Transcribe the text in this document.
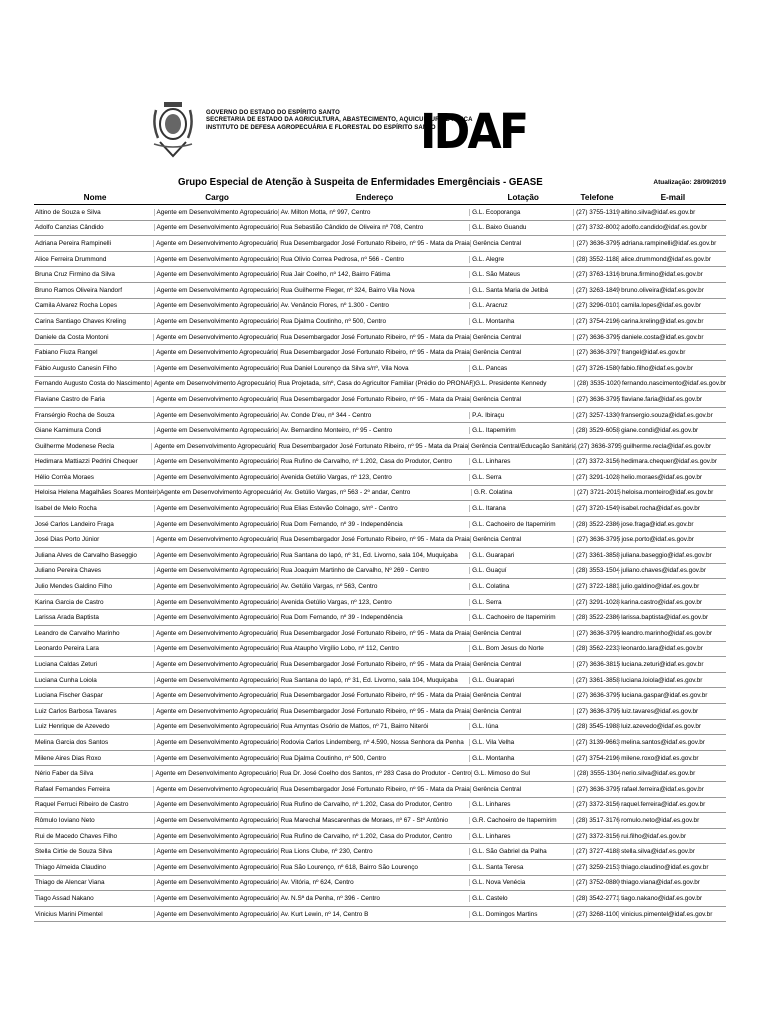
GOVERNO DO ESTADO DO ESPÍRITO SANTO
SECRETARIA DE ESTADO DA AGRICULTURA, ABASTECIMENTO, AQUICULTURA E PESCA
INSTITUTO DE DEFESA AGROPECUÁRIA E FLORESTAL DO ESPÍRITO SANTO
IDAF
Grupo Especial de Atenção à Suspeita de Enfermidades Emergênciais - GEASE	Atualização: 28/09/2019
Nome	Cargo	Endereço	Lotação	Telefone	E-mail
Altino de Souza e Silva	Agente em Desenvolvimento Agropecuário Av. Milton Motta, nº 997, Centro	G.L. Ecoporanga	(27) 3755-1319 altino.silva@idaf.es.gov.br
Adolfo Canzias Cândido	Agente em Desenvolvimento Agropecuário Rua Sebastião Cândido de Oliveira nº 708, Centro	G.L. Baixo Guandu	(27) 3732-8002 adolfo.candido@idaf.es.gov.br
Adriana Pereira Rampinelli	Agente em Desenvolvimento Agropecuário Rua Desembargador José Fortunato Ribeiro, nº 95 - Mata da Praia Gerência Central	(27) 3636-3795 adriana.rampinelli@idaf.es.gov.br
Alice Ferreira Drummond	Agente em Desenvolvimento Agropecuário Rua Olívio Correa Pedrosa, nº 566 - Centro	G.L. Alegre	(28) 3552-1188 alice.drummond@idaf.es.gov.br
Bruna Cruz Firmino da Silva	Agente em Desenvolvimento Agropecuário Rua Jair Coelho, nº 142, Bairro Fátima	G.L. São Mateus	(27) 3763-1316 bruna.firmino@idaf.es.gov.br
Bruno Ramos Oliveira Nandorf	Agente em Desenvolvimento Agropecuário Rua Guilherme Fleger, nº 324, Bairro Vila Nova	G.L. Santa Maria de Jetibá	(27) 3263-1849 bruno.oliveira@idaf.es.gov.br
Camila Alvarez Rocha Lopes	Agente em Desenvolvimento Agropecuário Av. Venâncio Flores, nº 1.300 - Centro	G.L. Aracruz	(27) 3296-0101 camila.lopes@idaf.es.gov.br
Carina Santiago Chaves Kreling	Agente em Desenvolvimento Agropecuário Rua Djalma Coutinho, nº 500, Centro	G.L. Montanha	(27) 3754-2196 carina.kreling@idaf.es.gov.br
Daniele da Costa Montoni	Agente em Desenvolvimento Agropecuário Rua Desembargador José Fortunato Ribeiro, nº 95 - Mata da Praia Gerência Central	(27) 3636-3795 daniele.costa@idaf.es.gov.br
Fabiano Fiuza Rangel	Agente em Desenvolvimento Agropecuário Rua Desembargador José Fortunato Ribeiro, nº 95 - Mata da Praia Gerência Central	(27) 3636-3797 frangel@idaf.es.gov.br
Fábio Augusto Canesin Filho	Agente em Desenvolvimento Agropecuário Rua Daniel Lourenço da Silva s/nº, Vila Nova	G.L. Pancas	(27) 3726-1580 fabio.filho@idaf.es.gov.br
Fernando Augusto Costa do Nascimento Agente em Desenvolvimento Agropecuário Rua Projetada, s/nº, Casa do Agricultor Familiar (Prédio do PRONAF) G.L. Presidente Kennedy	(28) 3535-1020 fernando.nascimento@idaf.es.gov.br
Flaviane Castro de Faria	Agente em Desenvolvimento Agropecuário Rua Desembargador José Fortunato Ribeiro, nº 95 - Mata da Praia Gerência Central	(27) 3636-3795 flaviane.faria@idaf.es.gov.br
Fransérgio Rocha de Souza	Agente em Desenvolvimento Agropecuário Av. Conde D'eu, nº 344 - Centro	P.A. Ibiraçu	(27) 3257-1330 fransergio.souza@idaf.es.gov.br
Giane Kamimura Condi	Agente em Desenvolvimento Agropecuário Av. Bernardino Monteiro, nº 95 - Centro	G.L. Itapemirim	(28) 3529-6058 giane.condi@idaf.es.gov.br
Guilherme Modenese Recla	Agente em Desenvolvimento Agropecuário Rua Desembargador José Fortunato Ribeiro, nº 95 - Mata da Praia Gerência Central/Educação Sanitária (27) 3636-3795 guilherme.recla@idaf.es.gov.br
Hedimara Mattiazzi Pedrini Chequer	Agente em Desenvolvimento Agropecuário Rua Rufino de Carvalho, nº 1.202, Casa do Produtor, Centro	G.L. Linhares	(27) 3372-3156 hedimara.chequer@idaf.es.gov.br
Hélio Corrêa Moraes	Agente em Desenvolvimento Agropecuário Avenida Getúlio Vargas, nº 123, Centro	G.L. Serra	(27) 3291-1028 helio.moraes@idaf.es.gov.br
Heloisa Helena Magalhães Soares Monteiro Agente em Desenvolvimento Agropecuário Av. Getúlio Vargas, nº 563 - 2º andar, Centro	G.R. Colatina	(27) 3721-2015 heloisa.monteiro@idaf.es.gov.br
Isabel de Melo Rocha	Agente em Desenvolvimento Agropecuário Rua Elias Estevão Colnago, s/nº - Centro	G.L. Itarana	(27) 3720-1549 isabel.rocha@idaf.es.gov.br
José Carlos Landeiro Fraga	Agente em Desenvolvimento Agropecuário Rua Dom Fernando, nº 39 - Independência	G.L. Cachoeiro de Itapemirim	(28) 3522-2386 jose.fraga@idaf.es.gov.br
José Dias Porto Júnior	Agente em Desenvolvimento Agropecuário Rua Desembargador José Fortunato Ribeiro, nº 95 - Mata da Praia Gerência Central	(27) 3636-3795 jose.porto@idaf.es.gov.br
Juliana Alves de Carvalho Baseggio	Agente em Desenvolvimento Agropecuário Rua Santana do Iapó, nº 31, Ed. Livorno, sala 104, Muquiçaba	G.L. Guarapari	(27) 3361-3858 juliana.baseggio@idaf.es.gov.br
Juliano Pereira Chaves	Agente em Desenvolvimento Agropecuário Rua Joaquim Martinho de Carvalho, Nº 269 - Centro	G.L. Guaçuí	(28) 3553-1504 juliano.chaves@idaf.es.gov.br
Julio Mendes Galdino Filho	Agente em Desenvolvimento Agropecuário Av. Getúlio Vargas, nº 563, Centro	G.L. Colatina	(27) 3722-1881 julio.galdino@idaf.es.gov.br
Karina Garcia de Castro	Agente em Desenvolvimento Agropecuário Avenida Getúlio Vargas, nº 123, Centro	G.L. Serra	(27) 3291-1028 karina.castro@idaf.es.gov.br
Larissa Arada Baptista	Agente em Desenvolvimento Agropecuário Rua Dom Fernando, nº 39 - Independência	G.L. Cachoeiro de Itapemirim	(28) 3522-2386 larissa.baptista@idaf.es.gov.br
Leandro de Carvalho Marinho	Agente em Desenvolvimento Agropecuário Rua Desembargador José Fortunato Ribeiro, nº 95 - Mata da Praia Gerência Central	(27) 3636-3795 leandro.marinho@idaf.es.gov.br
Leonardo Pereira Lara	Agente em Desenvolvimento Agropecuário Rua Ataupho Virgílio Lobo, nº 112, Centro	G.L. Bom Jesus do Norte	(28) 3562-2233 leonardo.lara@idaf.es.gov.br
Luciana Caldas Zeturi	Agente em Desenvolvimento Agropecuário Rua Desembargador José Fortunato Ribeiro, nº 95 - Mata da Praia Gerência Central	(27) 3636-3815 luciana.zeturi@idaf.es.gov.br
Luciana Cunha Loiola	Agente em Desenvolvimento Agropecuário Rua Santana do Iapó, nº 31, Ed. Livorno, sala 104, Muquiçaba	G.L. Guarapari	(27) 3361-3858 luciana.loiola@idaf.es.gov.br
Luciana Fischer Gaspar	Agente em Desenvolvimento Agropecuário Rua Desembargador José Fortunato Ribeiro, nº 95 - Mata da Praia Gerência Central	(27) 3636-3795 luciana.gaspar@idaf.es.gov.br
Luiz Carlos Barbosa Tavares	Agente em Desenvolvimento Agropecuário Rua Desembargador José Fortunato Ribeiro, nº 95 - Mata da Praia Gerência Central	(27) 3636-3795 luiz.tavares@idaf.es.gov.br
Luiz Henrique de Azevedo	Agente em Desenvolvimento Agropecuário Rua Amyntas Osório de Mattos, nº 71, Bairro Niterói	G.L. Iúna	(28) 3545-1988 luiz.azevedo@idaf.es.gov.br
Melina Garcia dos Santos	Agente em Desenvolvimento Agropecuário Rodovia Carlos Lindemberg, nº 4.590, Nossa Senhora da Penha	G.L. Vila Velha	(27) 3139-9663 melina.santos@idaf.es.gov.br
Milene Aires Dias Roxo	Agente em Desenvolvimento Agropecuário Rua Djalma Coutinho, nº 500, Centro	G.L. Montanha	(27) 3754-2196 milene.roxo@idaf.es.gov.br
Nério Faber da Silva	Agente em Desenvolvimento Agropecuário Rua Dr. José Coelho dos Santos, nº 283 Casa do Produtor - Centro G.L. Mimoso do Sul	(28) 3555-1304 nerio.silva@idaf.es.gov.br
Rafael Fernandes Ferreira	Agente em Desenvolvimento Agropecuário Rua Desembargador José Fortunato Ribeiro, nº 95 - Mata da Praia Gerência Central	(27) 3636-3795 rafael.ferreira@idaf.es.gov.br
Raquel Ferruci Ribeiro de Castro	Agente em Desenvolvimento Agropecuário Rua Rufino de Carvalho, nº 1.202, Casa do Produtor, Centro	G.L. Linhares	(27) 3372-3156 raquel.ferreira@idaf.es.gov.br
Rômulo Ioviano Neto	Agente em Desenvolvimento Agropecuário Rua Marechal Mascarenhas de Moraes, nº 67 - Stº Antônio	G.R. Cachoeiro de Itapemirim	(28) 3517-3176 romulo.neto@idaf.es.gov.br
Rui de Macedo Chaves Filho	Agente em Desenvolvimento Agropecuário Rua Rufino de Carvalho, nº 1.202, Casa do Produtor, Centro	G.L. Linhares	(27) 3372-3156 rui.filho@idaf.es.gov.br
Stella Cirtie de Souza Silva	Agente em Desenvolvimento Agropecuário Rua Lions Clube, nº 230, Centro	G.L. São Gabriel da Palha	(27) 3727-4188 stella.silva@idaf.es.gov.br
Thiago Almeida Claudino	Agente em Desenvolvimento Agropecuário Rua São Lourenço, nº 618, Bairro São Lourenço	G.L. Santa Teresa	(27) 3259-2153 thiago.claudino@idaf.es.gov.br
Thiago de Alencar Viana	Agente em Desenvolvimento Agropecuário Av. Vitória, nº 624, Centro	G.L. Nova Venécia	(27) 3752-0880 thiago.viana@idaf.es.gov.br
Tiago Assad Nakano	Agente em Desenvolvimento Agropecuário Av. N.Sª da Penha, nº 396 - Centro	G.L. Castelo	(28) 3542-2771 tiago.nakano@idaf.es.gov.br
Vinicius Marini Pimentel	Agente em Desenvolvimento Agropecuário Av. Kurt Lewin, nº 14, Centro B	G.L. Domingos Martins	(27) 3268-1100 vinicius.pimentel@idaf.es.gov.br
